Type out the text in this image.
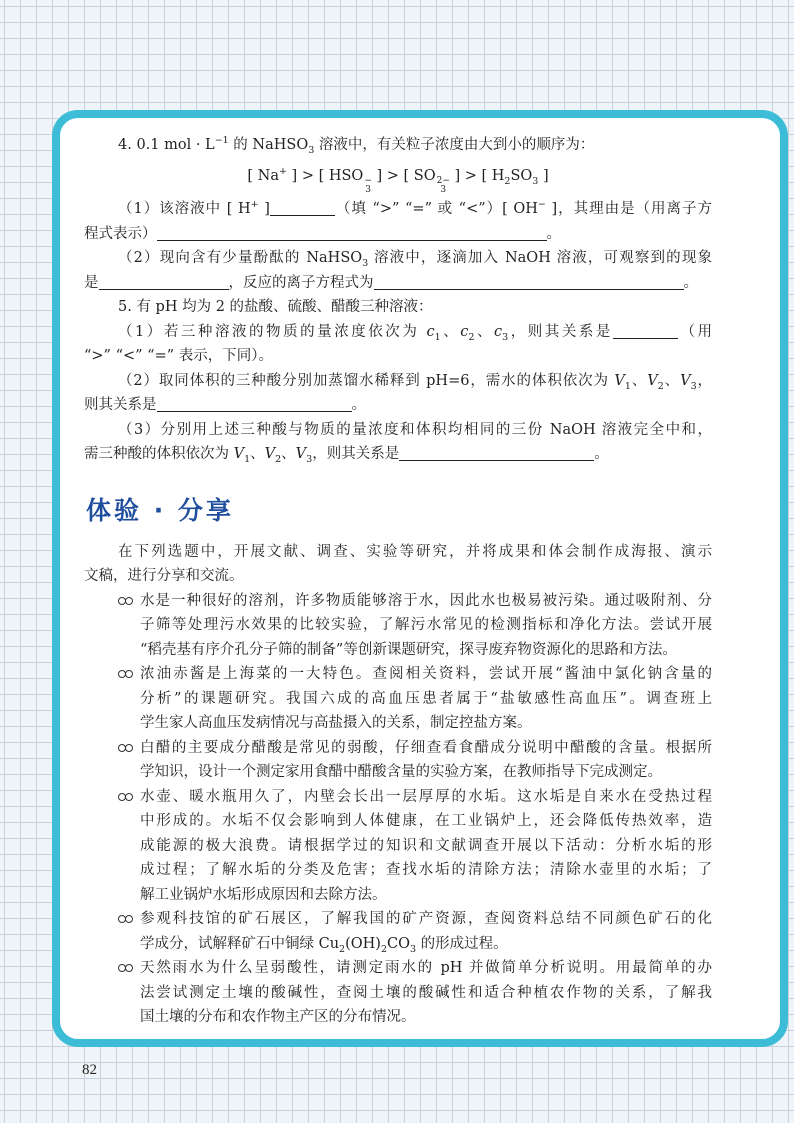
4. 0.1 mol · $L^{-1}$ 的 NaHSO$_3$ 溶液中，有关粒子浓度由大到小的顺序为：
[ Na+ ] > [ HSO −
3
] > [ SO 2−
3
] > [ $H_2SO_3$ ]
（1）该溶液中 [ H+ ]	（填 “>” “=” 或 “<”）[ OH− ]，其理由是（用离子方
程式表示）	。
（2）现向含有少量酚酞的 NaHSO$_3$ 溶液中，逐滴加入 NaOH 溶液，可观察到的现象
是	，反应的离子方程式为	。
5. 有 pH 均为 2 的盐酸、硫酸、醋酸三种溶液：
（1）若三种溶液的物质的量浓度依次为 $c_1$、$c_2$、$c_3$，则其关系是	（用
“>” “<” “=” 表示，下同）。
（2）取同体积的三种酸分别加蒸馏水稀释到 pH=6，需水的体积依次为 $V_1$、$V_2$、$V_3$，
则其关系是	。
（3）分别用上述三种酸与物质的量浓度和体积均相同的三份 NaOH 溶液完全中和，
需三种酸的体积依次为 $V_1$、$V_2$、$V_3$，则其关系是	。
体验 · 分享
在下列选题中，开展文献、调查、实验等研究，并将成果和体会制作成海报、演示
文稿，进行分享和交流。
水是一种很好的溶剂，许多物质能够溶于水，因此水也极易被污染。通过吸附剂、分
子筛等处理污水效果的比较实验，了解污水常见的检测指标和净化方法。尝试开展
“稻壳基有序介孔分子筛的制备”等创新课题研究，探寻废弃物资源化的思路和方法。
浓油赤酱是上海菜的一大特色。查阅相关资料，尝试开展“酱油中氯化钠含量的
分析”的课题研究。我国六成的高血压患者属于“盐敏感性高血压”。调查班上
学生家人高血压发病情况与高盐摄入的关系，制定控盐方案。
白醋的主要成分醋酸是常见的弱酸，仔细查看食醋成分说明中醋酸的含量。根据所
学知识，设计一个测定家用食醋中醋酸含量的实验方案，在教师指导下完成测定。
水壶、暖水瓶用久了，内壁会长出一层厚厚的水垢。这水垢是自来水在受热过程
中形成的。水垢不仅会影响到人体健康，在工业锅炉上，还会降低传热效率，造
成能源的极大浪费。请根据学过的知识和文献调查开展以下活动：分析水垢的形
成过程；了解水垢的分类及危害；查找水垢的清除方法；清除水壶里的水垢；了
解工业锅炉水垢形成原因和去除方法。
参观科技馆的矿石展区，了解我国的矿产资源，查阅资料总结不同颜色矿石的化
学成分，试解释矿石中铜绿 $Cu_2(OH)_2CO_3$ 的形成过程。
天然雨水为什么呈弱酸性，请测定雨水的 pH 并做简单分析说明。用最简单的办
法尝试测定土壤的酸碱性，查阅土壤的酸碱性和适合种植农作物的关系，了解我
国土壤的分布和农作物主产区的分布情况。
82
